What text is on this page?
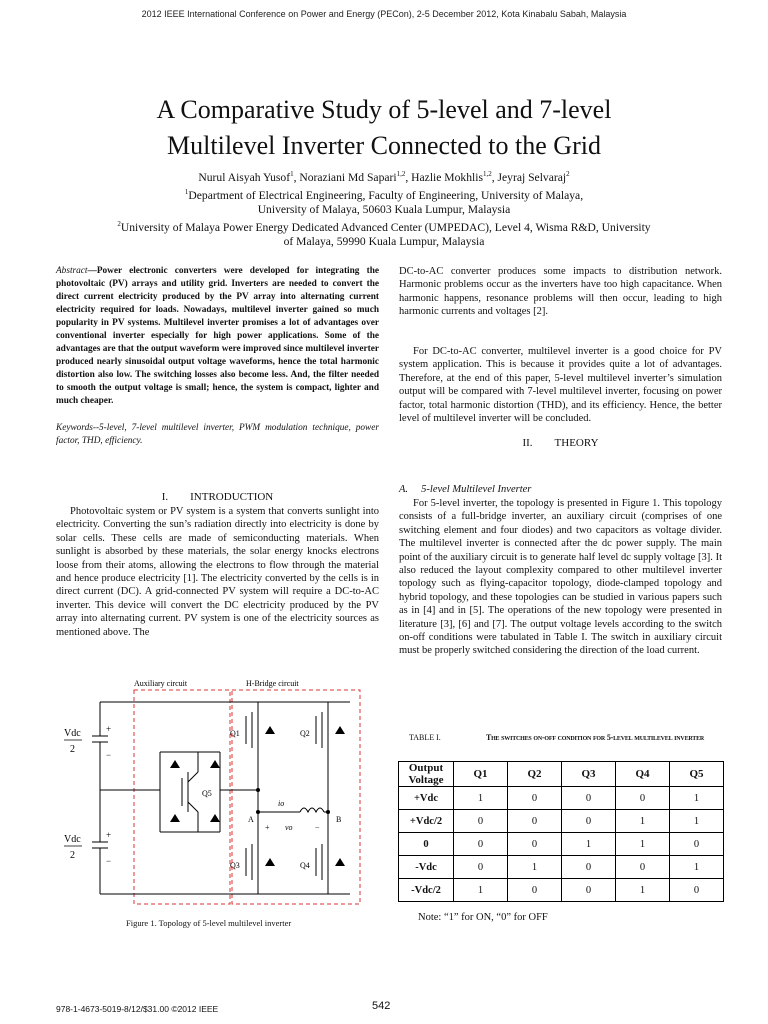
2012 IEEE International Conference on Power and Energy (PECon), 2-5 December 2012, Kota Kinabalu Sabah, Malaysia
A Comparative Study of 5-level and 7-level
Multilevel Inverter Connected to the Grid
Nurul Aisyah Yusof$^1$, Noraziani Md Sapari$^{1,2}$, Hazlie Mokhlis$^{1,2}$, Jeyraj Selvaraj$^2$
$^1$Department of Electrical Engineering, Faculty of Engineering, University of Malaya,
University of Malaya, 50603 Kuala Lumpur, Malaysia
$^2$University of Malaya Power Energy Dedicated Advanced Center (UMPEDAC), Level 4, Wisma R&D, University
of Malaya, 59990 Kuala Lumpur, Malaysia
Abstract—Power electronic converters were developed for integrating the photovoltaic (PV) arrays and utility grid. Inverters are needed to convert the direct current electricity produced by the PV array into alternating current electricity required for loads. Nowadays, multilevel inverter gained so much popularity in PV systems. Multilevel inverter promises a lot of advantages over conventional inverter especially for high power applications. Some of the advantages are that the output waveform were improved since multilevel inverter produced nearly sinusoidal output voltage waveforms, hence the total harmonic distortion also low. The switching losses also become less. And, the filter needed to smooth the output voltage is small; hence, the system is compact, lighter and much cheaper.
Keywords--5-level, 7-level multilevel inverter, PWM modulation technique, power factor, THD, efficiency.
I.  INTRODUCTION

Photovoltaic system or PV system is a system that converts sunlight into electricity. Converting the sun’s radiation directly into electricity is done by solar cells. These cells are made of semiconducting materials. When sunlight is absorbed by these materials, the solar energy knocks electrons loose from their atoms, allowing the electrons to flow through the material and hence produce electricity [1]. The electricity converted by the cells is in direct current (DC). A grid-connected PV system will require a DC-to-AC inverter. This device will convert the DC electricity produced by the PV array into alternating current. PV system is one of the electricity sources as mentioned above. The

Auxiliary circuit	H-Bridge circuit
Vdc
2
Vdc
2
+
−
+
−
Q1	Q2
Q3	Q4
Q5
A	B
io
vo
+	−
Figure 1. Topology of 5-level multilevel inverter

DC-to-AC converter produces some impacts to distribution network. Harmonic problems occur as the inverters have too high capacitance. When harmonic happens, resonance problems will then occur, leading to high harmonic currents and voltages [2].

For DC-to-AC converter, multilevel inverter is a good choice for PV system application. This is because it provides quite a lot of advantages. Therefore, at the end of this paper, 5-level multilevel inverter’s simulation output will be compared with 7-level multilevel inverter, focusing on power factor, total harmonic distortion (THD), and its efficiency. Hence, the better level of multilevel inverter will be concluded.

II.  THEORY
A.  5-level Multilevel Inverter

For 5-level inverter, the topology is presented in Figure 1. This topology consists of a full-bridge inverter, an auxiliary circuit (comprises of one switching element and four diodes) and two capacitors as voltage divider. The multilevel inverter is connected after the dc power supply. The main point of the auxiliary circuit is to generate half level dc supply voltage [3]. It also reduced the layout complexity compared to other multilevel inverter topology such as flying-capacitor topology, diode-clamped topology and hybrid topology, and these topologies can be studied in various papers such as in [4] and in [5]. The operations of the new topology were presented in literature [3], [6] and [7]. The output voltage levels according to the switch on-off conditions were tabulated in Table I. The switch in auxiliary circuit must be properly switched considering the direction of the load current.

TABLE I.	The switches on-off condition for 5-level multilevel inverter
Output Voltage	Q1	Q2	Q3	Q4	Q5
+Vdc	1	0	0	0	1
+Vdc/2	0	0	0	1	1
0	0	0	1	1	0
-Vdc	0	1	0	0	1
-Vdc/2	1	0	0	1	0
Note: “1” for ON, “0” for OFF
978-1-4673-5019-8/12/$31.00 ©2012 IEEE	542
